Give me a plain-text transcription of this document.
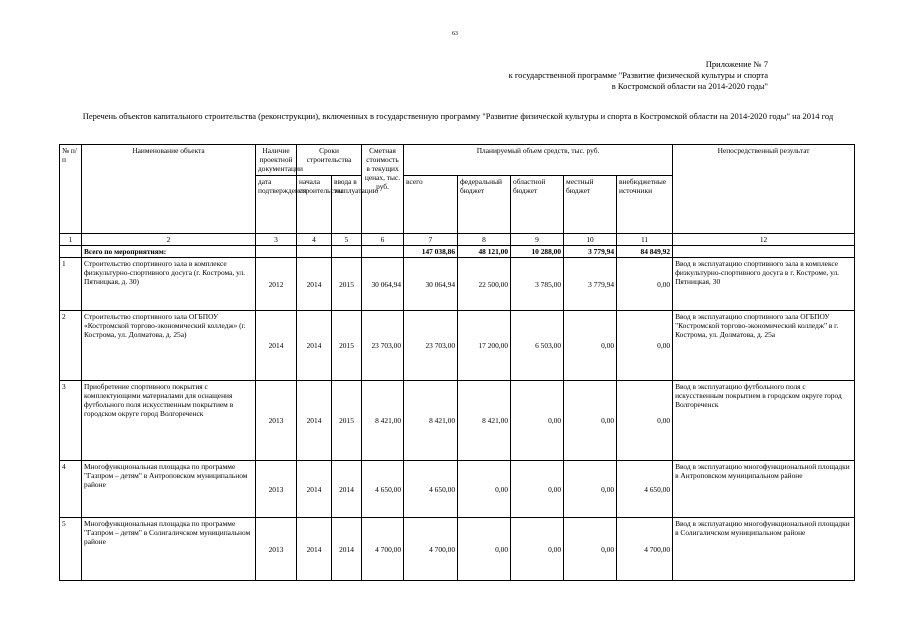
63
Приложение № 7
к государственной программе "Развитие физической культуры и спорта
в Костромской области на 2014-2020 годы"
Перечень объектов капитального строительства (реконструкции), включенных в государственную программу "Развитие физической культуры и спорта в Костромской области на 2014-2020 годы" на 2014 год
№ п/п	Наименование объекта	Наличие проектной документации	Сроки строительства		Сметная стоимость в текущих ценах, тыс. руб.	Планируемый объем средств, тыс. руб.					Непосредственный результат
		дата подтверждения	начала строительства	ввода в эксплуатацию		всего	федеральный бюджет	областной бюджет	местный бюджет	внебюджетные источники	
1	2	3	4	5	6	7	8	9	10	11	12
	Всего по мероприятиям:					147 038,86	48 121,00	10 288,00	3 779,94	84 849,92	
1	Строительство спортивного зала в комплексе физкультурно-спортивного досуга (г. Кострома, ул. Пятницкая, д. 30)	2012	2014	2015	30 064,94	30 064,94	22 500,00	3 785,00	3 779,94	0,00	Ввод в эксплуатацию спортивного зала в комплексе физкультурно-спортивного досуга в г. Костроме, ул. Пятницкая, 30
2	Строительство спортивного зала ОГБПОУ «Костромской торгово-экономический колледж» (г. Кострома, ул. Долматова, д. 25а)	2014	2014	2015	23 703,00	23 703,00	17 200,00	6 503,00	0,00	0,00	Ввод в эксплуатацию спортивного зала ОГБПОУ "Костромской торгово-экономический колледж" в г. Кострома, ул. Долматова, д. 25а
3	Приобретение спортивного покрытия с комплектующими материалами для оснащения футбольного поля искусственным покрытием в городском округе город Волгореченск	2013	2014	2015	8 421,00	8 421,00	8 421,00	0,00	0,00	0,00	Ввод в эксплуатацию футбольного поля с искусственным покрытием в городском округе город Волгореченск
4	Многофункциональная площадка по программе "Газпром – детям" в Антроповском муниципальном районе	2013	2014	2014	4 650,00	4 650,00	0,00	0,00	0,00	4 650,00	Ввод в эксплуатацию многофункциональной площадки в Антроповском муниципальном районе
5	Многофункциональная площадка по программе "Газпром – детям" в Солигаличском муниципальном районе	2013	2014	2014	4 700,00	4 700,00	0,00	0,00	0,00	4 700,00	Ввод в эксплуатацию многофункциональной площадки в Солигаличском муниципальном районе
